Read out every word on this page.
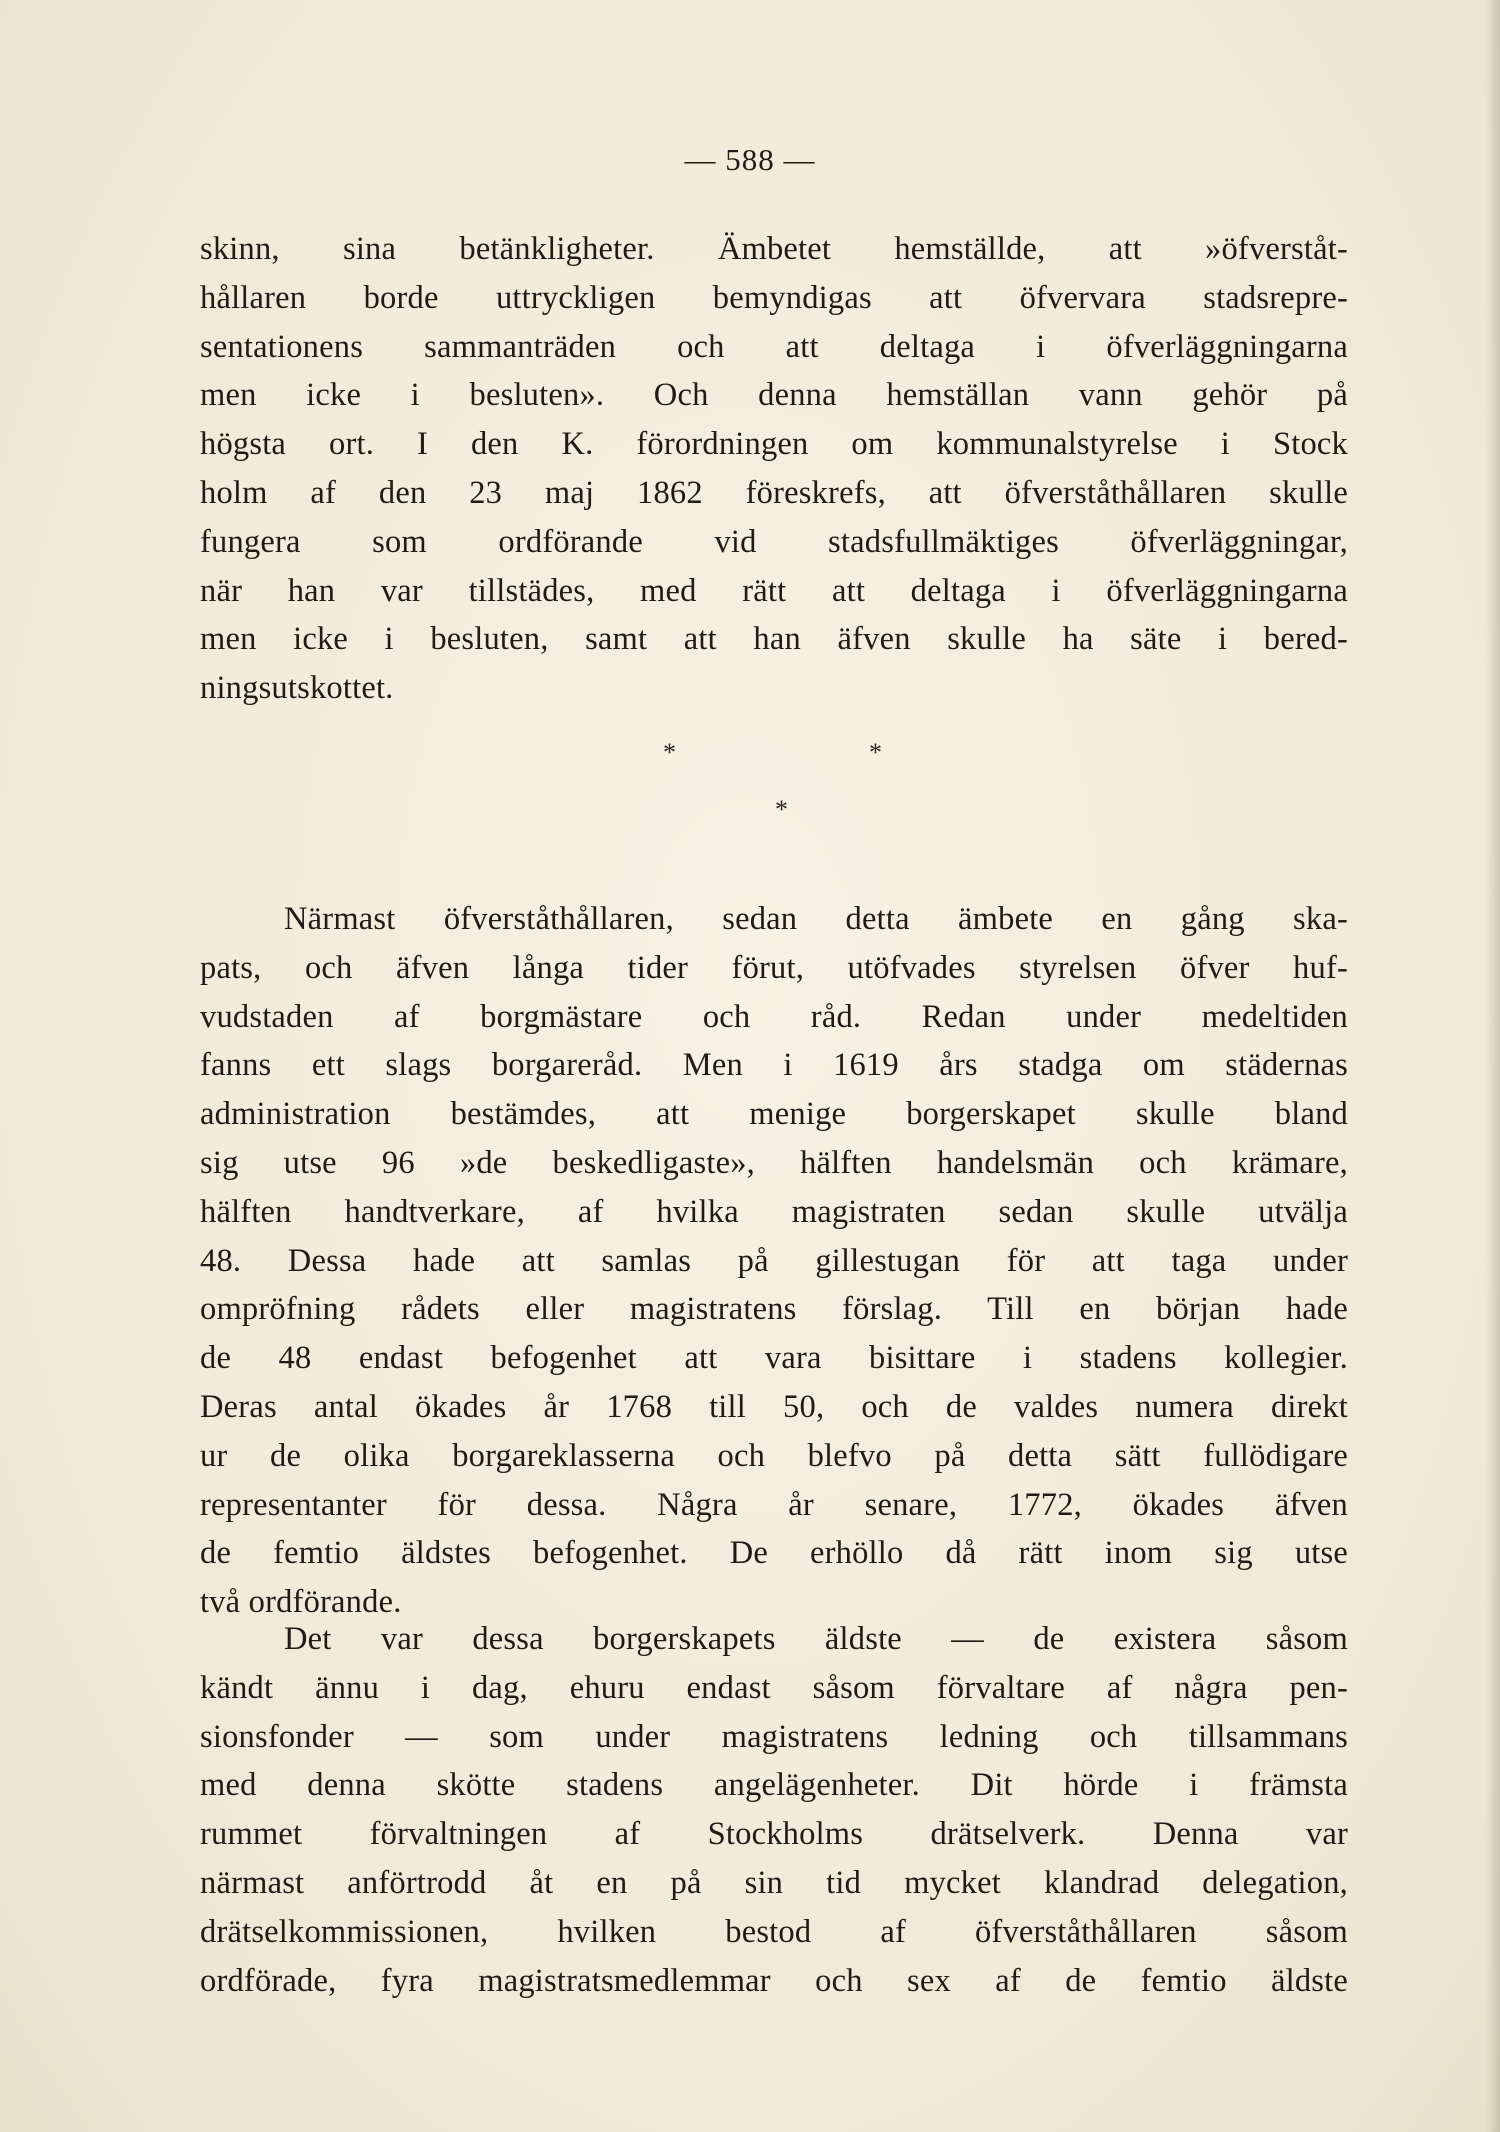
— 588 —
skinn, sina betänkligheter. Ämbetet hemställde, att »öfverståt-
hållaren borde uttryckligen bemyndigas att öfvervara stadsrepre-
sentationens sammanträden och att deltaga i öfverläggningarna
men icke i besluten». Och denna hemställan vann gehör på
högsta ort. I den K. förordningen om kommunalstyrelse i Stock
holm af den 23 maj 1862 föreskrefs, att öfverståthållaren skulle
fungera som ordförande vid stadsfullmäktiges öfverläggningar,
när han var tillstädes, med rätt att deltaga i öfverläggningarna
men icke i besluten, samt att han äfven skulle ha säte i bered-
ningsutskottet.
*	*
*
Närmast öfverståthållaren, sedan detta ämbete en gång ska-
pats, och äfven långa tider förut, utöfvades styrelsen öfver huf-
vudstaden af borgmästare och råd. Redan under medeltiden
fanns ett slags borgareråd. Men i 1619 års stadga om städernas
administration bestämdes, att menige borgerskapet skulle bland
sig utse 96 »de beskedligaste», hälften handelsmän och krämare,
hälften handtverkare, af hvilka magistraten sedan skulle utvälja
48. Dessa hade att samlas på gillestugan för att taga under
ompröfning rådets eller magistratens förslag. Till en början hade
de 48 endast befogenhet att vara bisittare i stadens kollegier.
Deras antal ökades år 1768 till 50, och de valdes numera direkt
ur de olika borgareklasserna och blefvo på detta sätt fullödigare
representanter för dessa. Några år senare, 1772, ökades äfven
de femtio äldstes befogenhet. De erhöllo då rätt inom sig utse
två ordförande.
Det var dessa borgerskapets äldste — de existera såsom
kändt ännu i dag, ehuru endast såsom förvaltare af några pen-
sionsfonder — som under magistratens ledning och tillsammans
med denna skötte stadens angelägenheter. Dit hörde i främsta
rummet förvaltningen af Stockholms drätselverk. Denna var
närmast anförtrodd åt en på sin tid mycket klandrad delegation,
drätselkommissionen, hvilken bestod af öfverståthållaren såsom
ordförade, fyra magistratsmedlemmar och sex af de femtio äldste
